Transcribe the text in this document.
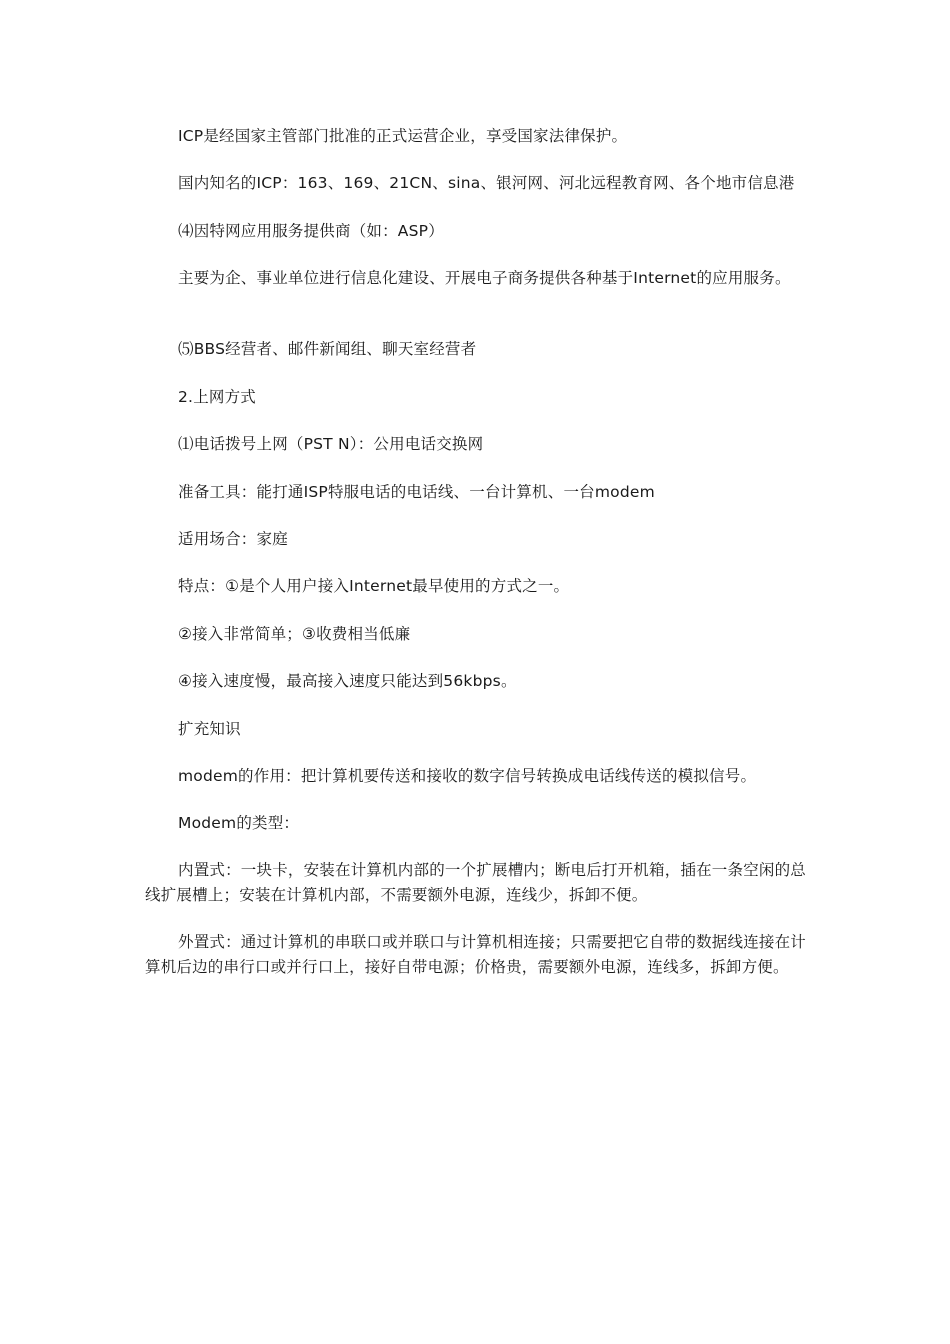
ICP是经国家主管部门批准的正式运营企业，享受国家法律保护。

国内知名的ICP：163、169、21CN、sina、银河网、河北远程教育网、各个地市信息港

⑷因特网应用服务提供商（如：ASP）

主要为企、事业单位进行信息化建设、开展电子商务提供各种基于Internet的应用服务。

⑸BBS经营者、邮件新闻组、聊天室经营者

2.上网方式

⑴电话拨号上网（PST N）：公用电话交换网

准备工具：能打通ISP特服电话的电话线、一台计算机、一台modem

适用场合：家庭

特点：①是个人用户接入Internet最早使用的方式之一。

②接入非常简单；③收费相当低廉

④接入速度慢，最高接入速度只能达到56kbps。

扩充知识

modem的作用：把计算机要传送和接收的数字信号转换成电话线传送的模拟信号。

Modem的类型：

内置式：一块卡，安装在计算机内部的一个扩展槽内；断电后打开机箱，插在一条空闲的总线扩展槽上；安装在计算机内部，不需要额外电源，连线少，拆卸不便。

外置式：通过计算机的串联口或并联口与计算机相连接；只需要把它自带的数据线连接在计算机后边的串行口或并行口上，接好自带电源；价格贵，需要额外电源，连线多，拆卸方便。
